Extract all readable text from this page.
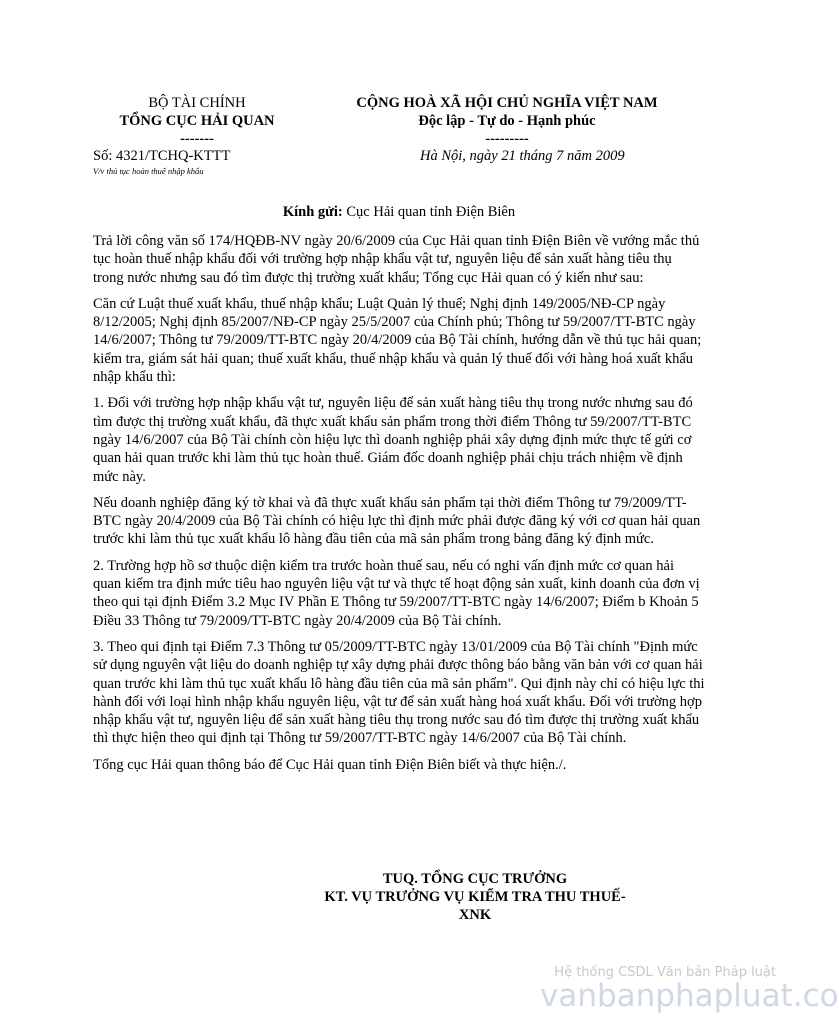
BỘ TÀI CHÍNH
TỔNG CỤC HẢI QUAN
-------
CỘNG HOÀ XÃ HỘI CHỦ NGHĨA VIỆT NAM
Độc lập - Tự do - Hạnh phúc
---------
Số: 4321/TCHQ-KTTT
V/v thủ tục hoàn thuế nhập khẩu
Hà Nội, ngày 21 tháng 7 năm 2009
Kính gửi: Cục Hải quan tỉnh Điện Biên

Trả lời công văn số 174/HQĐB-NV ngày 20/6/2009 của Cục Hải quan tỉnh Điện Biên về vướng mắc thủ tục hoàn thuế nhập khẩu đối với trường hợp nhập khẩu vật tư, nguyên liệu để sản xuất hàng tiêu thụ trong nước nhưng sau đó tìm được thị trường xuất khẩu; Tổng cục Hải quan có ý kiến như sau:

Căn cứ Luật thuế xuất khẩu, thuế nhập khẩu; Luật Quản lý thuế; Nghị định 149/2005/NĐ-CP ngày 8/12/2005; Nghị định 85/2007/NĐ-CP ngày 25/5/2007 của Chính phủ; Thông tư 59/2007/TT-BTC ngày 14/6/2007; Thông tư 79/2009/TT-BTC ngày 20/4/2009 của Bộ Tài chính, hướng dẫn về thủ tục hải quan; kiểm tra, giám sát hải quan; thuế xuất khẩu, thuế nhập khẩu và quản lý thuế đối với hàng hoá xuất khẩu nhập khẩu thì:

1. Đối với trường hợp nhập khẩu vật tư, nguyên liệu để sản xuất hàng tiêu thụ trong nước nhưng sau đó tìm được thị trường xuất khẩu, đã thực xuất khẩu sản phẩm trong thời điểm Thông tư 59/2007/TT-BTC ngày 14/6/2007 của Bộ Tài chính còn hiệu lực thì doanh nghiệp phải xây dựng định mức thực tế gửi cơ quan hải quan trước khi làm thủ tục hoàn thuế. Giám đốc doanh nghiệp phải chịu trách nhiệm về định mức này.

Nếu doanh nghiệp đăng ký tờ khai và đã thực xuất khẩu sản phẩm tại thời điểm Thông tư 79/2009/TT-BTC ngày 20/4/2009 của Bộ Tài chính có hiệu lực thì định mức phải được đăng ký với cơ quan hải quan trước khi làm thủ tục xuất khẩu lô hàng đầu tiên của mã sản phẩm trong bảng đăng ký định mức.

2. Trường hợp hồ sơ thuộc diện kiểm tra trước hoàn thuế sau, nếu có nghi vấn định mức cơ quan hải quan kiểm tra định mức tiêu hao nguyên liệu vật tư và thực tế hoạt động sản xuất, kinh doanh của đơn vị theo qui tại định Điểm 3.2 Mục IV Phần E Thông tư 59/2007/TT-BTC ngày 14/6/2007; Điểm b Khoản 5 Điều 33 Thông tư 79/2009/TT-BTC ngày 20/4/2009 của Bộ Tài chính.

3. Theo qui định tại Điểm 7.3 Thông tư 05/2009/TT-BTC ngày 13/01/2009 của Bộ Tài chính "Định mức sử dụng nguyên vật liệu do doanh nghiệp tự xây dựng phải được thông báo bằng văn bản với cơ quan hải quan trước khi làm thủ tục xuất khẩu lô hàng đầu tiên của mã sản phẩm". Qui định này chỉ có hiệu lực thi hành đối với loại hình nhập khẩu nguyên liệu, vật tư để sản xuất hàng hoá xuất khẩu. Đối với trường hợp nhập khẩu vật tư, nguyên liệu để sản xuất hàng tiêu thụ trong nước sau đó tìm được thị trường xuất khẩu thì thực hiện theo qui định tại Thông tư 59/2007/TT-BTC ngày 14/6/2007 của Bộ Tài chính.

Tổng cục Hải quan thông báo để Cục Hải quan tỉnh Điện Biên biết và thực hiện./.

TUQ. TỔNG CỤC TRƯỞNG
KT. VỤ TRƯỞNG VỤ KIỂM TRA THU THUẾ-
XNK
Hệ thống CSDL Văn bản Pháp luật
vanbanphapluat.co
